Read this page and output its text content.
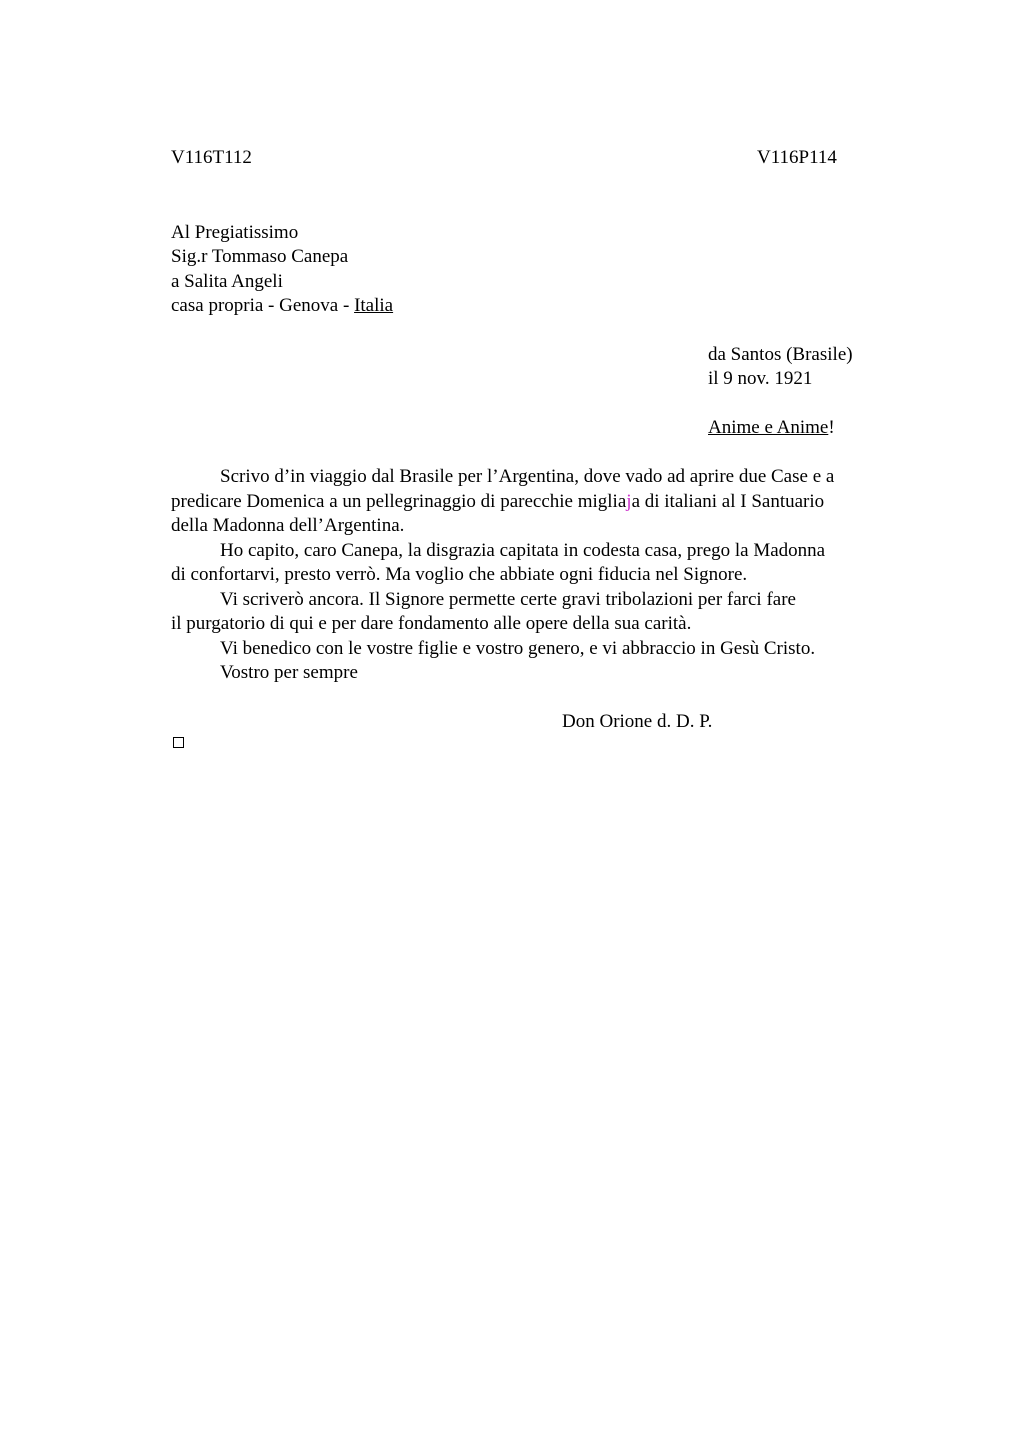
V116T112	V116P114
Al Pregiatissimo
Sig.r Tommaso Canepa
a Salita Angeli
casa propria - Genova - Italia
da Santos (Brasile)
il 9 nov. 1921
Anime e Anime!
Scrivo d’in viaggio dal Brasile per l’Argentina, dove vado ad aprire due Case e a
predicare Domenica a un pellegrinaggio di parecchie migliaja di italiani al I Santuario
della Madonna dell’Argentina.
Ho capito, caro Canepa, la disgrazia capitata in codesta casa, prego la Madonna
di confortarvi, presto verrò. Ma voglio che abbiate ogni fiducia nel Signore.
Vi scriverò ancora. Il Signore permette certe gravi tribolazioni per farci fare
il purgatorio di qui e per dare fondamento alle opere della sua carità.
Vi benedico con le vostre figlie e vostro genero, e vi abbraccio in Gesù Cristo.
Vostro per sempre
Don Orione d. D. P.
